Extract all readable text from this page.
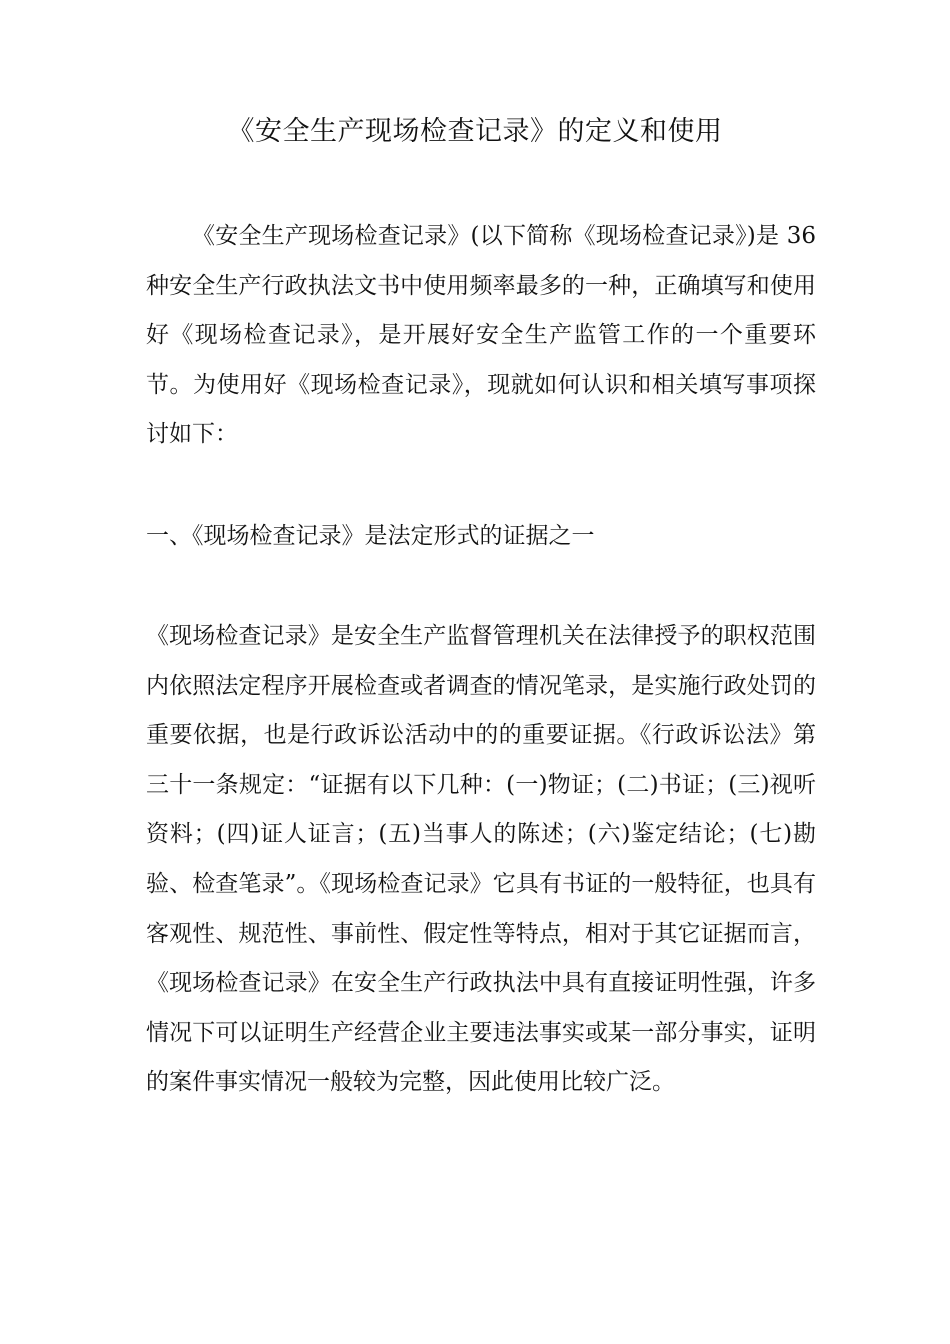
《安全生产现场检查记录》的定义和使用
《安全生产现场检查记录》(以下简称《现场检查记录》)是 36 种安全生产行政执法文书中使用频率最多的一种，正确填写和使用好《现场检查记录》，是开展好安全生产监管工作的一个重要环节。为使用好《现场检查记录》，现就如何认识和相关填写事项探讨如下：
一、《现场检查记录》是法定形式的证据之一
《现场检查记录》是安全生产监督管理机关在法律授予的职权范围内依照法定程序开展检查或者调查的情况笔录，是实施行政处罚的重要依据，也是行政诉讼活动中的的重要证据。《行政诉讼法》第三十一条规定：“证据有以下几种：(一)物证；(二)书证；(三)视听资料；(四)证人证言；(五)当事人的陈述；(六)鉴定结论；(七)勘验、检查笔录”。《现场检查记录》它具有书证的一般特征，也具有客观性、规范性、事前性、假定性等特点，相对于其它证据而言，《现场检查记录》在安全生产行政执法中具有直接证明性强，许多情况下可以证明生产经营企业主要违法事实或某一部分事实，证明的案件事实情况一般较为完整，因此使用比较广泛。
